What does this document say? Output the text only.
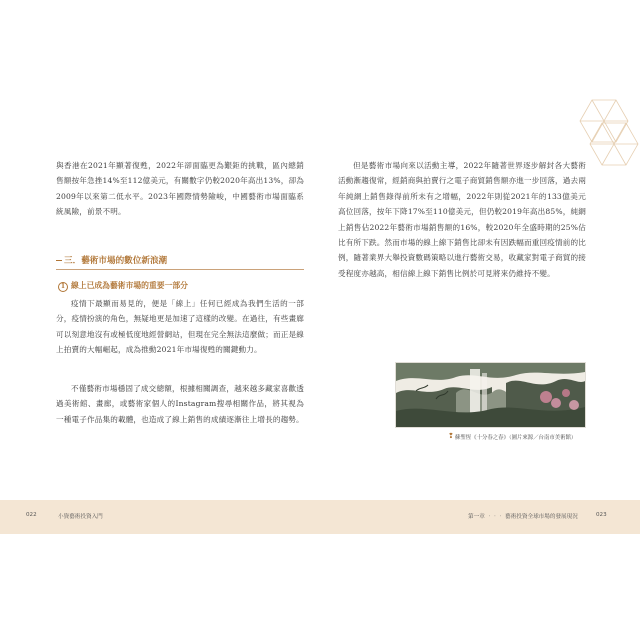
與香港在2021年顯著復甦，2022年卻面臨更為艱鉅的挑戰，區內總銷售額按年急挫14%至112億美元，有關數字仍較2020年高出13%，卻為2009年以來第二低水平。2023年國際情勢險峻，中國藝術市場面臨系統風險，前景不明。

三．藝術市場的數位新浪潮
1 線上已成為藝術市場的重要一部分

疫情下最顯而易見的，便是「線上」任何已經成為我們生活的一部分，疫情扮演的角色，無疑地更是加速了這樣的改變。在過往，有些畫廊可以刻意地沒有或極低度地經營網站，但現在完全無法這麼做；而正是線上拍賣的大幅崛起，成為推動2021年市場復甦的關鍵動力。

不僅藝術市場穩固了成交總額，根據相關調查，越來越多藏家喜歡透過美術館、畫廊，或藝術家個人的Instagram搜尋相關作品，將其視為一種電子作品集的載體，也造成了線上銷售的成績逐漸往上增長的趨勢。

但是藝術市場向來以活動主導，2022年隨著世界逐步解封各大藝術活動漸趨復常，經銷商與拍賣行之電子商貿銷售額亦進一步回落，過去兩年純網上銷售錄得前所未有之增幅，2022年則從2021年的133億美元高位回落，按年下降17%至110億美元，但仍較2019年高出85%，純網上銷售佔2022年藝術市場銷售額的16%，較2020年全盛時期的25%佔比有所下跌。然而市場的線上線下銷售比卻未有因跌幅而重回疫情前的比例，隨著業界大舉投資數碼策略以進行藝術交易，收藏家對電子商貿的接受程度亦越高，相信線上線下銷售比例於可見將來仍維持不變。

❢ 蘇聖恆《十分春之春》（圖片來源／台南市美術館）
022	小資藝術投資入門	第一章 ‧‧‧ 藝術投資全球市場的發展現況	023
